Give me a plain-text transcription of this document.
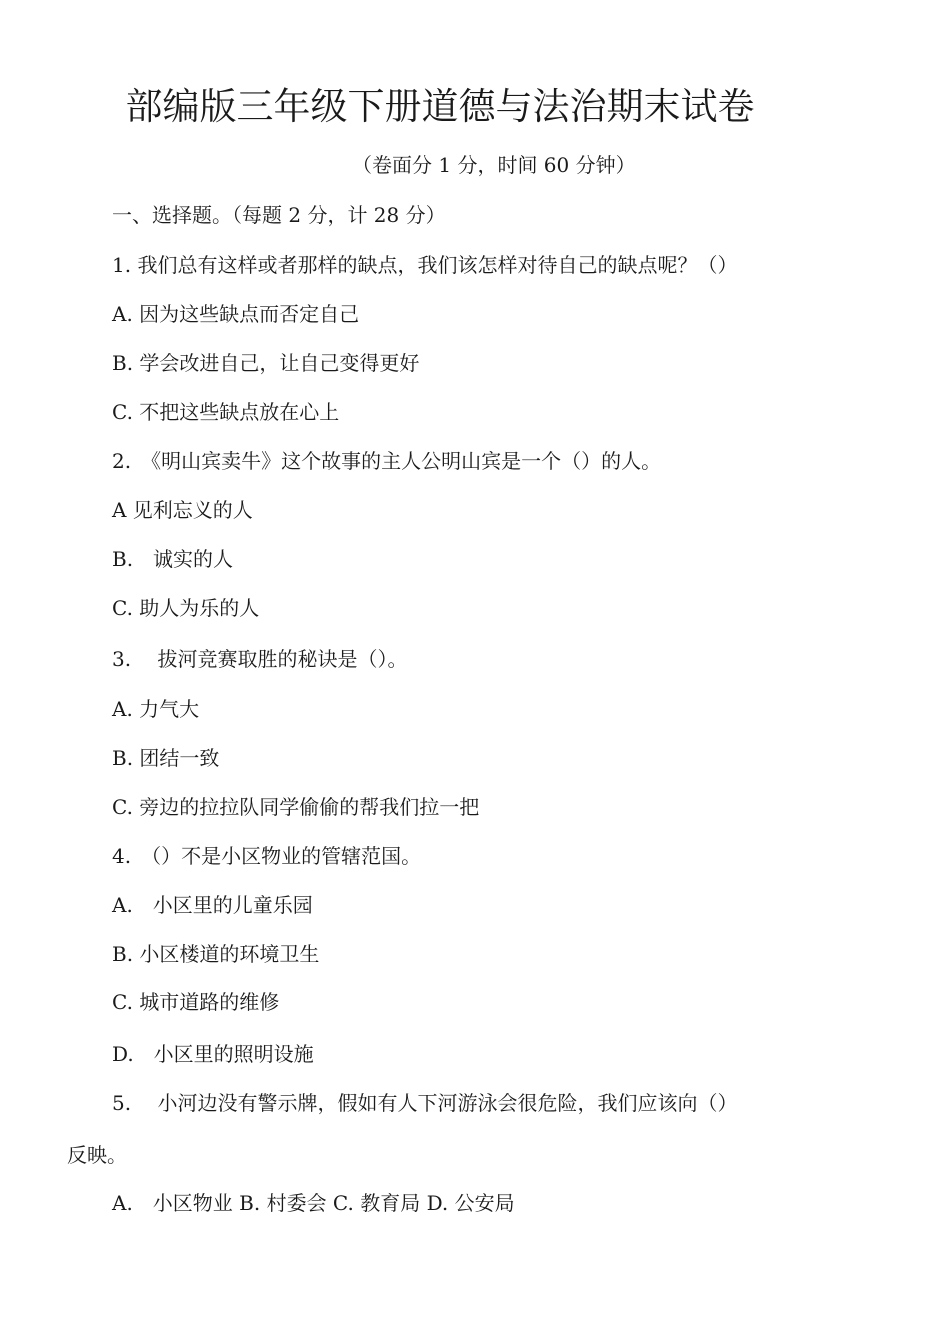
部编版三年级下册道德与法治期末试卷
（卷面分 1 分，时间 60 分钟）
一、选择题。（每题 2 分，计 28 分）
1. 我们总有这样或者那样的缺点，我们该怎样对待自己的缺点呢？（）
A. 因为这些缺点而否定自己
B. 学会改进自己，让自己变得更好
C. 不把这些缺点放在心上
2.　《明山宾卖牛》这个故事的主人公明山宾是一个（）的人。
A 见利忘义的人
B.　诚实的人
C. 助人为乐的人
3.　 拔河竞赛取胜的秘诀是（）。
A. 力气大
B. 团结一致
C. 旁边的拉拉队同学偷偷的帮我们拉一把
4.　（）不是小区物业的管辖范国。
A.　小区里的儿童乐园
B. 小区楼道的环境卫生
C. 城市道路的维修
D.　小区里的照明设施
5.　 小河边没有警示牌，假如有人下河游泳会很危险，我们应该向（）
反映。
A.　小区物业 B. 村委会 C. 教育局 D. 公安局
